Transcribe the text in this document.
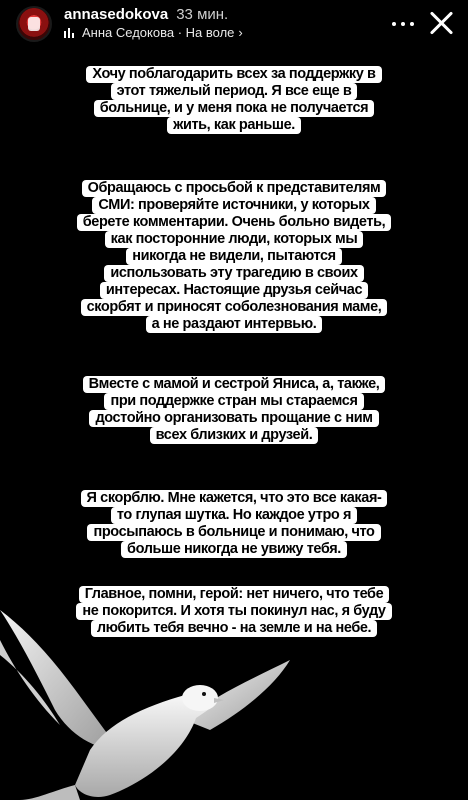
annasedokova 33 мин.
Анна Седокова · На воле ›
Хочу поблагодарить всех за поддержку в
этот тяжелый период. Я все еще в
больнице, и у меня пока не получается
жить, как раньше.
Обращаюсь с просьбой к представителям
СМИ: проверяйте источники, у которых
берете комментарии. Очень больно видеть,
как посторонние люди, которых мы
никогда не видели, пытаются
использовать эту трагедию в своих
интересах. Настоящие друзья сейчас
скорбят и приносят соболезнования маме,
а не раздают интервью.
Вместе с мамой и сестрой Яниса, а, также,
при поддержке стран мы стараемся
достойно организовать прощание с ним
всех близких и друзей.
Я скорблю. Мне кажется, что это все какая-
то глупая шутка. Но каждое утро я
просыпаюсь в больнице и понимаю, что
больше никогда не увижу тебя.
Главное, помни, герой: нет ничего, что тебе
не покорится. И хотя ты покинул нас, я буду
любить тебя вечно - на земле и на небе.
